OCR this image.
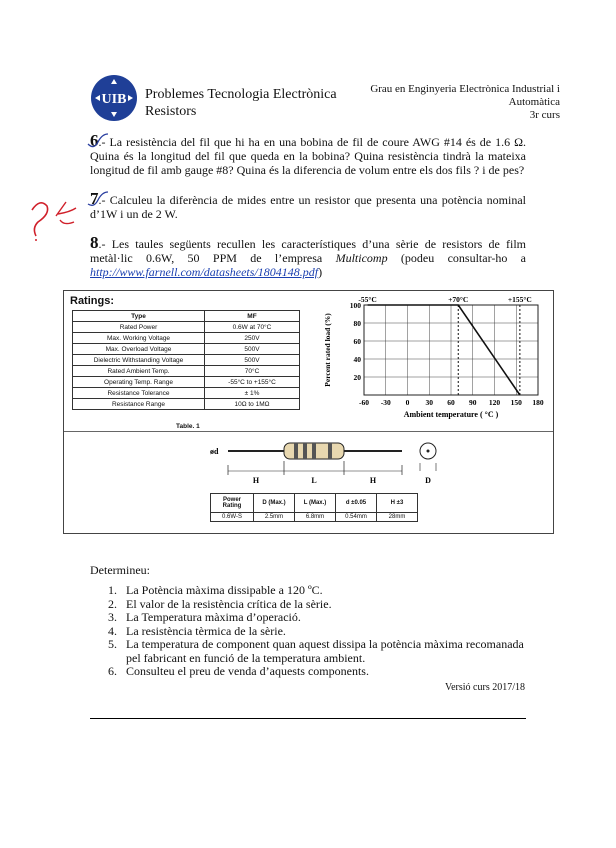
UIB Problemes Tecnologia Electrònica
Resistors
Grau en Enginyeria Electrònica Industrial i
Automàtica
3r curs
6.- La resistència del fil que hi ha en una bobina de fil de coure AWG #14 és de 1.6 Ω. Quina és la longitud del fil que queda en la bobina? Quina resistència tindrà la mateixa longitud de fil amb gauge #8? Quina és la diferencia de volum entre els dos fils ? i de pes?
7.- Calculeu la diferència de mides entre un resistor que presenta una potència nominal d’1W i un de 2 W.
8.- Les taules següents recullen les característiques d’una sèrie de resistors de film metàl·lic 0.6W, 50 PPM de l’empresa Multicomp (podeu consultar-ho a http://www.farnell.com/datasheets/1804148.pdf)
Ratings:
Type	MF
Rated Power	0.6W at 70°C
Max. Working Voltage	250V
Max. Overload Voltage	500V
Dielectric Withstanding Voltage	500V
Rated Ambient Temp.	70°C
Operating Temp. Range	-55°C to +155°C
Resistance Tolerance	± 1%
Resistance Range	10Ω to 1MΩ
Table. 1
-60 -30 0 30 60 90 120 150 180
20
40
60
80
100
-55°C	+70°C	+155°C
Ambient temperature ( °C )
Percent rated load (%)
ød
H	L	H	D
Power Rating	D (Max.)	L (Max.)	d ±0.05	H ±3
0.6W-S	2.5mm	6.8mm	0.54mm	28mm
Determineu:
1. La Potència màxima dissipable a 120 ºC.
2. El valor de la resistència crítica de la sèrie.
3. La Temperatura màxima d’operació.
4. La resistència tèrmica de la sèrie.
5. La temperatura de component quan aquest dissipa la potència màxima recomanada pel fabricant en funció de la temperatura ambient.
6. Consulteu el preu de venda d’aquests components.
Versió curs 2017/18
